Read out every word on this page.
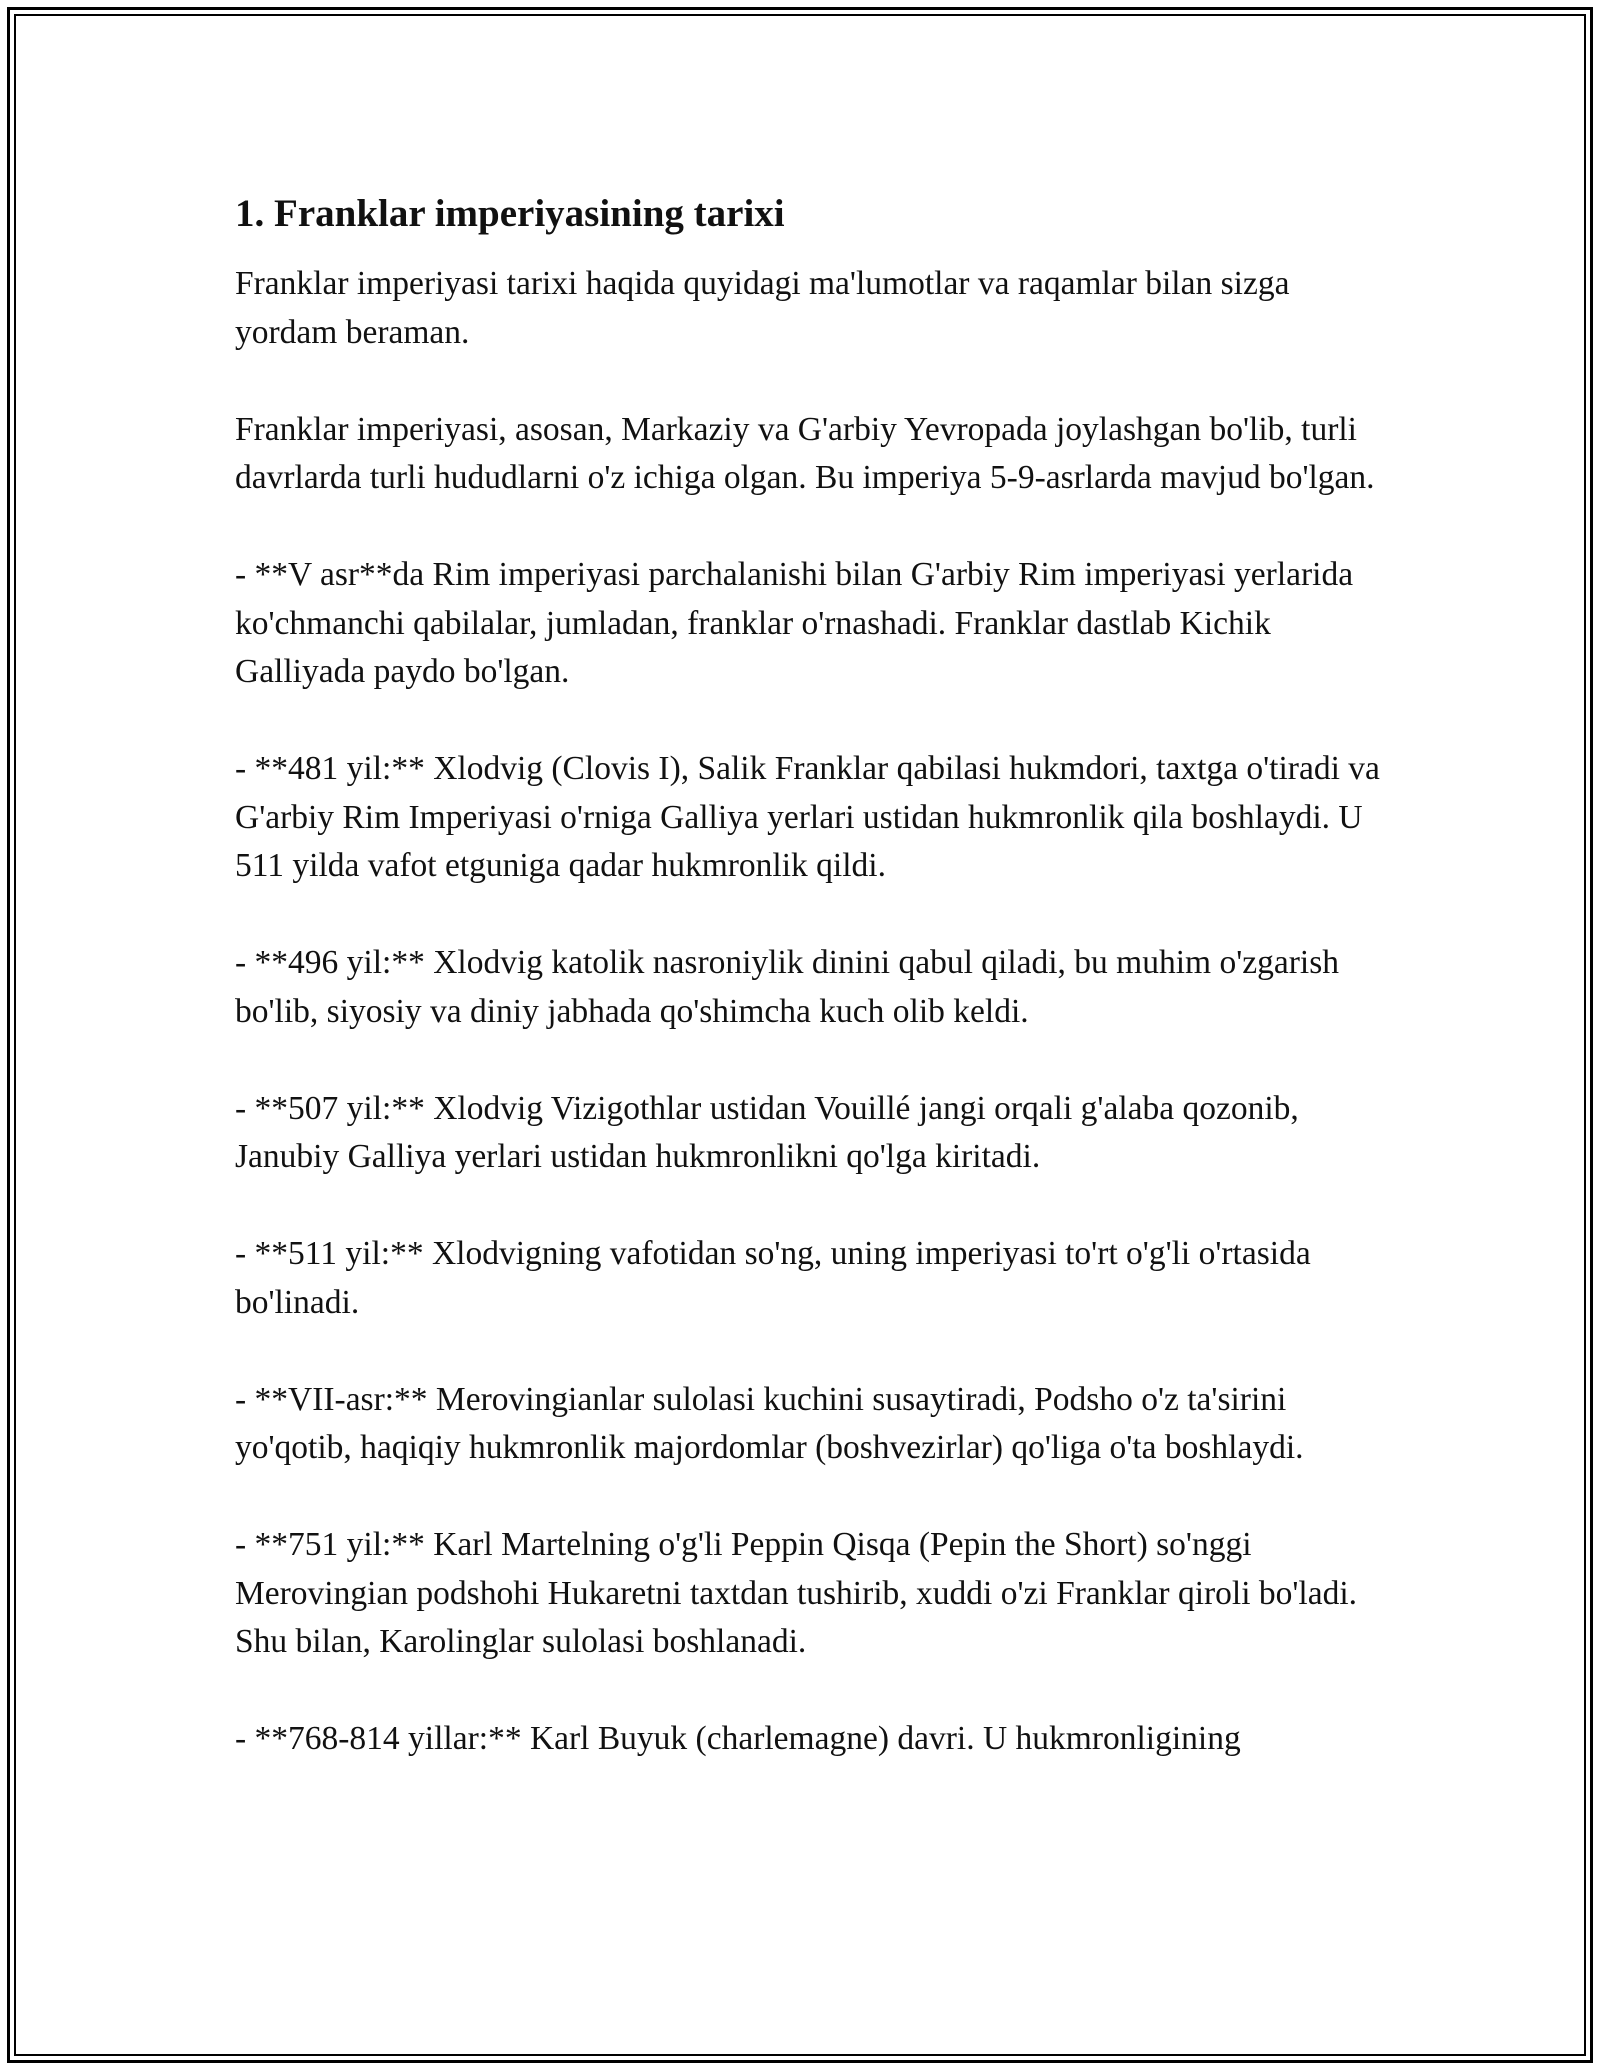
1. Franklar imperiyasining tarixi

Franklar imperiyasi tarixi haqida quyidagi ma'lumotlar va raqamlar bilan sizga yordam beraman.

Franklar imperiyasi, asosan, Markaziy va G'arbiy Yevropada joylashgan bo'lib, turli davrlarda turli hududlarni o'z ichiga olgan. Bu imperiya 5-9-asrlarda mavjud bo'lgan.

- **V asr**da Rim imperiyasi parchalanishi bilan G'arbiy Rim imperiyasi yerlarida ko'chmanchi qabilalar, jumladan, franklar o'rnashadi. Franklar dastlab Kichik Galliyada paydo bo'lgan.

- **481 yil:** Xlodvig (Clovis I), Salik Franklar qabilasi hukmdori, taxtga o'tiradi va G'arbiy Rim Imperiyasi o'rniga Galliya yerlari ustidan hukmronlik qila boshlaydi. U 511 yilda vafot etguniga qadar hukmronlik qildi.

- **496 yil:** Xlodvig katolik nasroniylik dinini qabul qiladi, bu muhim o'zgarish bo'lib, siyosiy va diniy jabhada qo'shimcha kuch olib keldi.

- **507 yil:** Xlodvig Vizigothlar ustidan Vouillé jangi orqali g'alaba qozonib, Janubiy Galliya yerlari ustidan hukmronlikni qo'lga kiritadi.

- **511 yil:** Xlodvigning vafotidan so'ng, uning imperiyasi to'rt o'g'li o'rtasida bo'linadi.

- **VII-asr:** Merovingianlar sulolasi kuchini susaytiradi, Podsho o'z ta'sirini yo'qotib, haqiqiy hukmronlik majordomlar (boshvezirlar) qo'liga o'ta boshlaydi.

- **751 yil:** Karl Martelning o'g'li Peppin Qisqa (Pepin the Short) so'nggi Merovingian podshohi Hukaretni taxtdan tushirib, xuddi o'zi Franklar qiroli bo'ladi. Shu bilan, Karolinglar sulolasi boshlanadi.

- **768-814 yillar:** Karl Buyuk (charlemagne) davri. U hukmronligining
